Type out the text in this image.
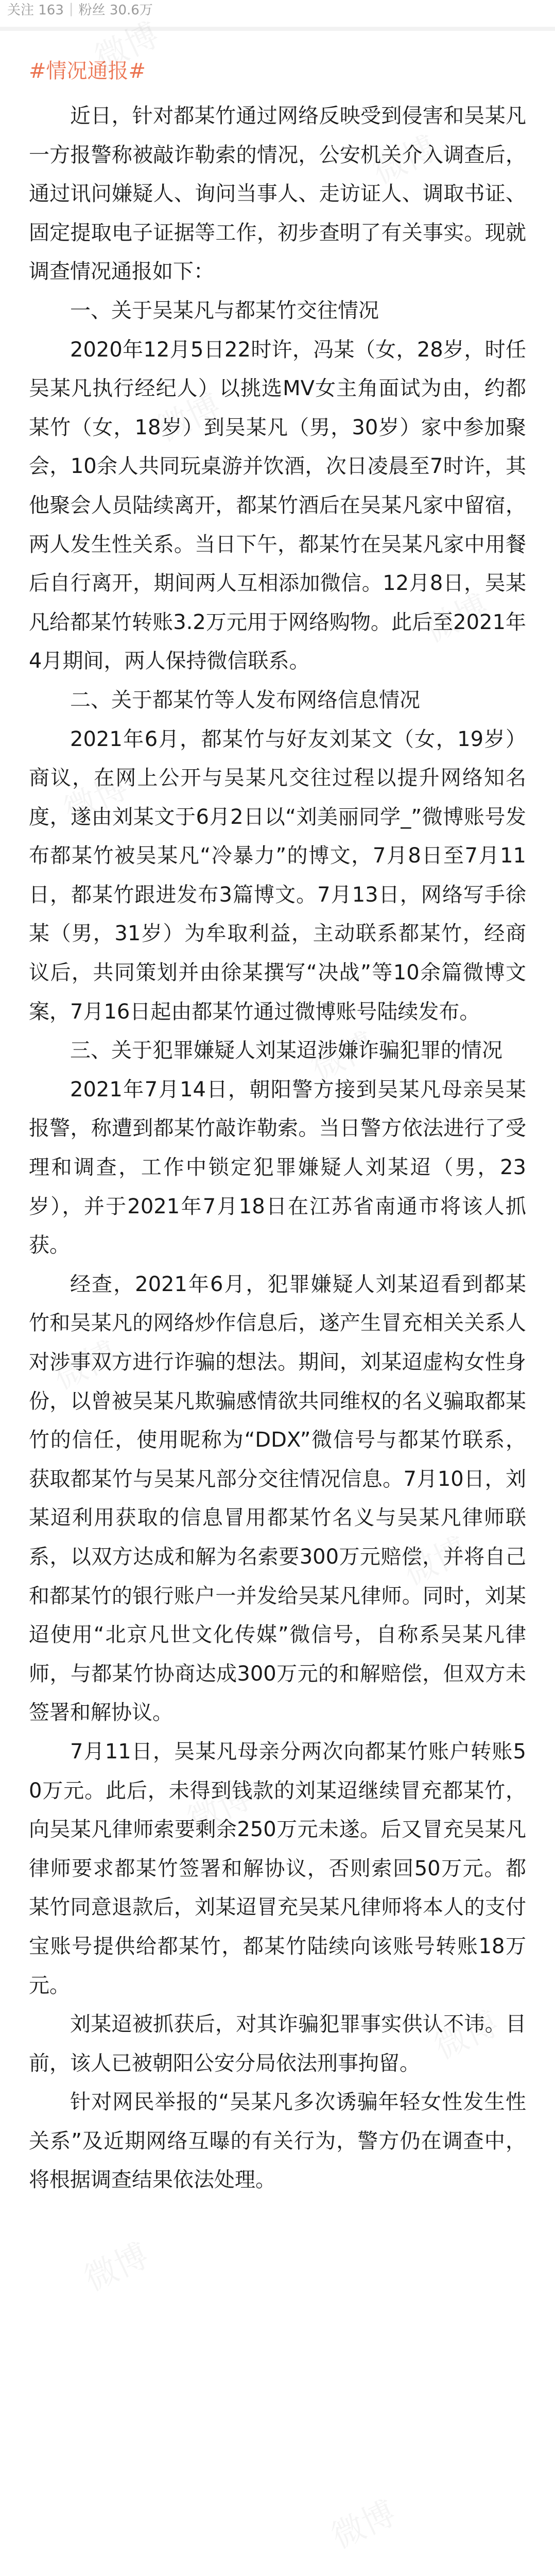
关注 163 | 粉丝 30.6万

#情况通报#

近日，针对都某竹通过网络反映受到侵害和吴某凡一方报警称被敲诈勒索的情况，公安机关介入调查后，通过讯问嫌疑人、询问当事人、走访证人、调取书证、固定提取电子证据等工作，初步查明了有关事实。现就调查情况通报如下：

一、关于吴某凡与都某竹交往情况

2020年12月5日22时许，冯某（女，28岁，时任吴某凡执行经纪人）以挑选MV女主角面试为由，约都某竹（女，18岁）到吴某凡（男，30岁）家中参加聚会，10余人共同玩桌游并饮酒，次日凌晨至7时许，其他聚会人员陆续离开，都某竹酒后在吴某凡家中留宿，两人发生性关系。当日下午，都某竹在吴某凡家中用餐后自行离开，期间两人互相添加微信。12月8日，吴某凡给都某竹转账3.2万元用于网络购物。此后至2021年4月期间，两人保持微信联系。

二、关于都某竹等人发布网络信息情况

2021年6月，都某竹与好友刘某文（女，19岁）商议，在网上公开与吴某凡交往过程以提升网络知名度，遂由刘某文于6月2日以“刘美丽同学_”微博账号发布都某竹被吴某凡“冷暴力”的博文，7月8日至7月11日，都某竹跟进发布3篇博文。7月13日，网络写手徐某（男，31岁）为牟取利益，主动联系都某竹，经商议后，共同策划并由徐某撰写“决战”等10余篇微博文案，7月16日起由都某竹通过微博账号陆续发布。

三、关于犯罪嫌疑人刘某迢涉嫌诈骗犯罪的情况

2021年7月14日，朝阳警方接到吴某凡母亲吴某报警，称遭到都某竹敲诈勒索。当日警方依法进行了受理和调查，工作中锁定犯罪嫌疑人刘某迢（男，23岁），并于2021年7月18日在江苏省南通市将该人抓获。

经查，2021年6月，犯罪嫌疑人刘某迢看到都某竹和吴某凡的网络炒作信息后，遂产生冒充相关关系人对涉事双方进行诈骗的想法。期间，刘某迢虚构女性身份，以曾被吴某凡欺骗感情欲共同维权的名义骗取都某竹的信任，使用昵称为“DDX”微信号与都某竹联系，获取都某竹与吴某凡部分交往情况信息。7月10日，刘某迢利用获取的信息冒用都某竹名义与吴某凡律师联系，以双方达成和解为名索要300万元赔偿，并将自己和都某竹的银行账户一并发给吴某凡律师。同时，刘某迢使用“北京凡世文化传媒”微信号，自称系吴某凡律师，与都某竹协商达成300万元的和解赔偿，但双方未签署和解协议。

7月11日，吴某凡母亲分两次向都某竹账户转账50万元。此后，未得到钱款的刘某迢继续冒充都某竹，向吴某凡律师索要剩余250万元未遂。后又冒充吴某凡律师要求都某竹签署和解协议，否则索回50万元。都某竹同意退款后，刘某迢冒充吴某凡律师将本人的支付宝账号提供给都某竹，都某竹陆续向该账号转账18万元。

刘某迢被抓获后，对其诈骗犯罪事实供认不讳。目前，该人已被朝阳公安分局依法刑事拘留。

针对网民举报的“吴某凡多次诱骗年轻女性发生性关系”及近期网络互曝的有关行为，警方仍在调查中，将根据调查结果依法处理。
